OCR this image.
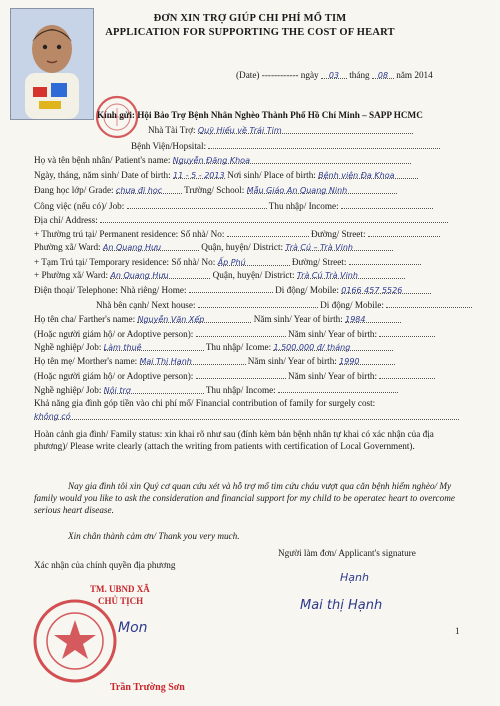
ĐƠN XIN TRỢ GIÚP CHI PHÍ MỔ TIM
APPLICATION FOR SUPPORTING THE COST OF HEART
(Date) ------------ ngày 03 tháng 08 năm 2014
Kính gửi: Hội Bảo Trợ Bệnh Nhân Nghèo Thành Phố Hồ Chí Minh – SAPP HCMC
Nhà Tài Trợ: Quỹ Hiếu về Trái Tim
Bệnh Viện/Hopsital:
Họ và tên bệnh nhân/ Patient's name: Nguyễn Đăng Khoa
Ngày, tháng, năm sinh/ Date of birth: 11 - 5 - 2013 Nơi sinh/ Place of birth: Bệnh viện Đa Khoa
Đang học lớp/ Grade: chưa đi học Trường/ School: Mẫu Giáo An Quang Ninh
Công việc (nếu có)/ Job:	Thu nhập/ Income:
Địa chỉ/ Address:
+ Thường trú tại/ Permanent residence: Số nhà/ No:	Đường/ Street:
Phường xã/ Ward: An Quang Hưu	Quận, huyện/ District: Trà Cú – Trà Vinh
+ Tạm Trú tại/ Temporary residence: Số nhà/ No: Ấp Phú	Đường/ Street:
+ Phường xã/ Ward: An Quang Hưu	Quận, huyện/ District: Trà Cú Trà Vinh
Điện thoại/ Telephone: Nhà riêng/ Home:	Di động/ Mobile: 0166 457 5526
Nhà bên cạnh/ Next house:	Di động/ Mobile:
Họ tên cha/ Farther's name: Nguyễn Văn Xếp	Năm sinh/ Year of birth: 1984
(Hoặc người giám hộ/ or Adoptive person):	Năm sinh/ Year of birth:
Nghề nghiệp/ Job: Làm thuê	Thu nhập/ Icome: 1.500.000 đ/ tháng
Họ tên mẹ/ Morther's name: Mai Thị Hạnh	Năm sinh/ Year of birth: 1990
(Hoặc người giám hộ/ or Adoptive person):	Năm sinh/ Year of birth:
Nghề nghiệp/ Job: Nội trợ	Thu nhập/ Income:
Khả năng gia đình góp tiền vào chi phí mổ/ Financial contribution of family for surgely cost:
không có
Hoàn cảnh gia đình/ Family status: xin khai rõ như sau (đính kèm bản bệnh nhân tự khai có xác nhận của địa phương)/ Please write clearly (attach the writing from patients with certification of Local Government).
Nay gia đình tôi xin Quý cơ quan cứu xét và hỗ trợ mổ tim cứu cháu vượt qua căn bệnh hiểm nghèo/ My family would you like to ask the consideration and financial support for my child to be operatec heart to overcome serious heart disease.
Xin chân thành cảm ơn/ Thank you very much.
Xác nhận của chính quyền địa phương
Người làm đơn/ Applicant's signature
Hạnh
Mai thị Hạnh
TM. UBND XÃ
CHỦ TỊCH
Mon
Trần Trường Sơn
1
